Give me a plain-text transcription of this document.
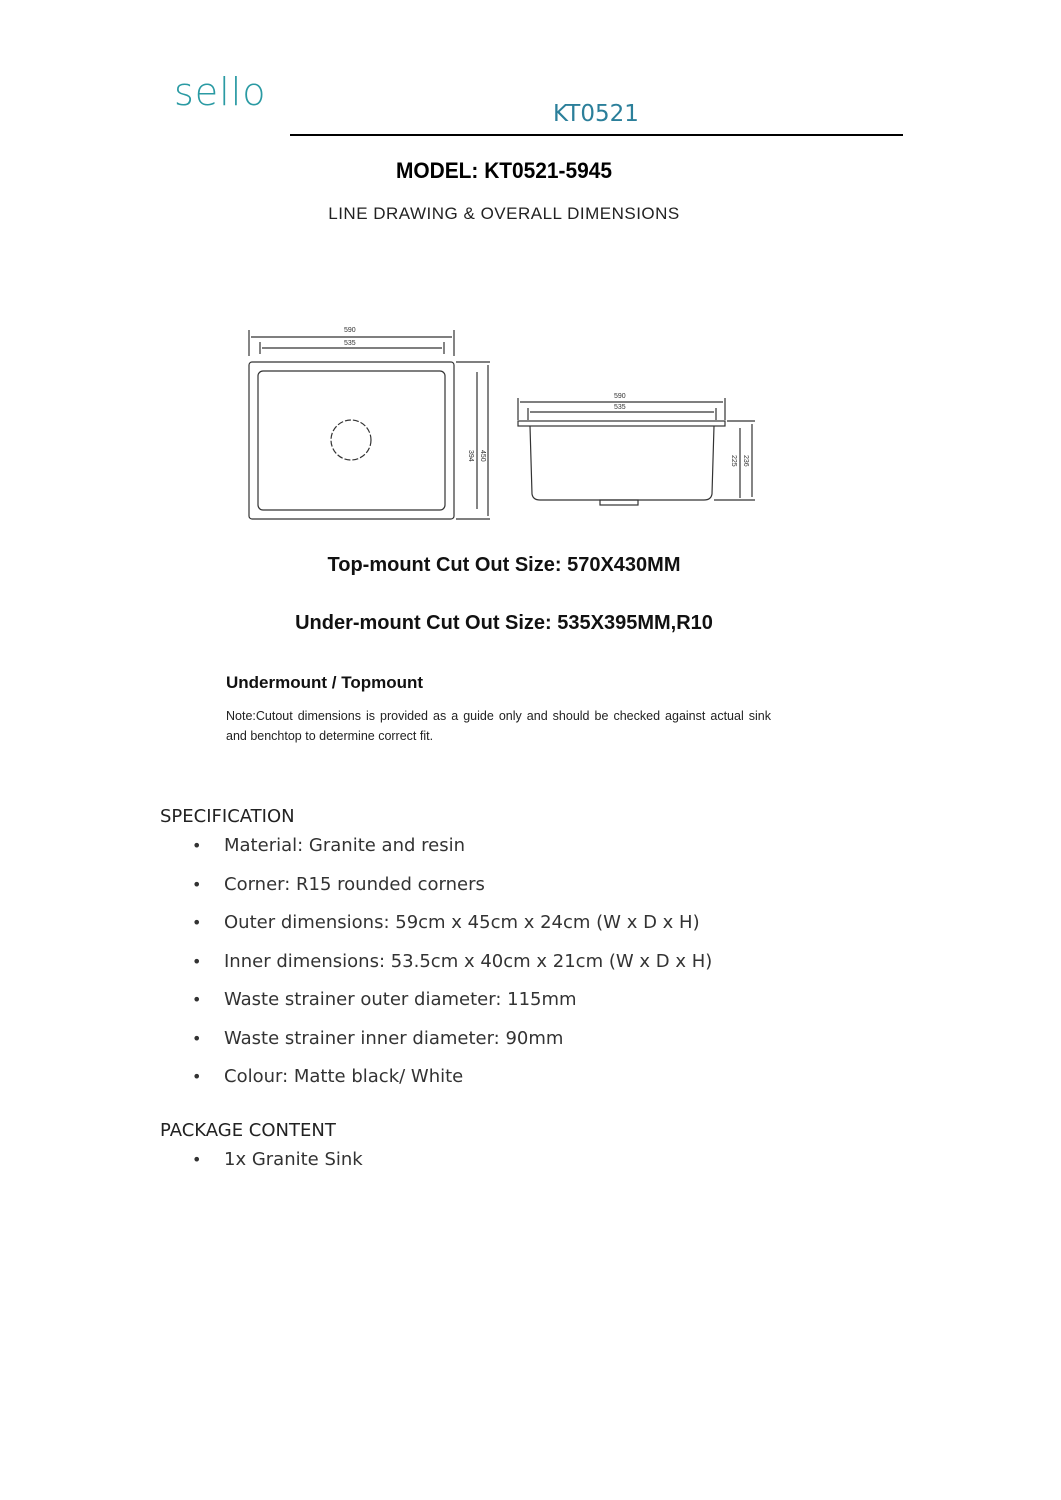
sello	KT0521
MODEL: KT0521-5945
LINE DRAWING & OVERALL DIMENSIONS
590
535
394 450
590
535
225 236
Top-mount Cut Out Size: 570X430MM
Under-mount Cut Out Size: 535X395MM,R10
Undermount / Topmount
Note:Cutout dimensions is provided as a guide only and should be checked against actual sink and benchtop to determine correct fit.
SPECIFICATION
• Material: Granite and resin
• Corner: R15 rounded corners
• Outer dimensions: 59cm x 45cm x 24cm (W x D x H)
• Inner dimensions: 53.5cm x 40cm x 21cm (W x D x H)
• Waste strainer outer diameter: 115mm
• Waste strainer inner diameter: 90mm
• Colour: Matte black/ White
PACKAGE CONTENT
• 1x Granite Sink
